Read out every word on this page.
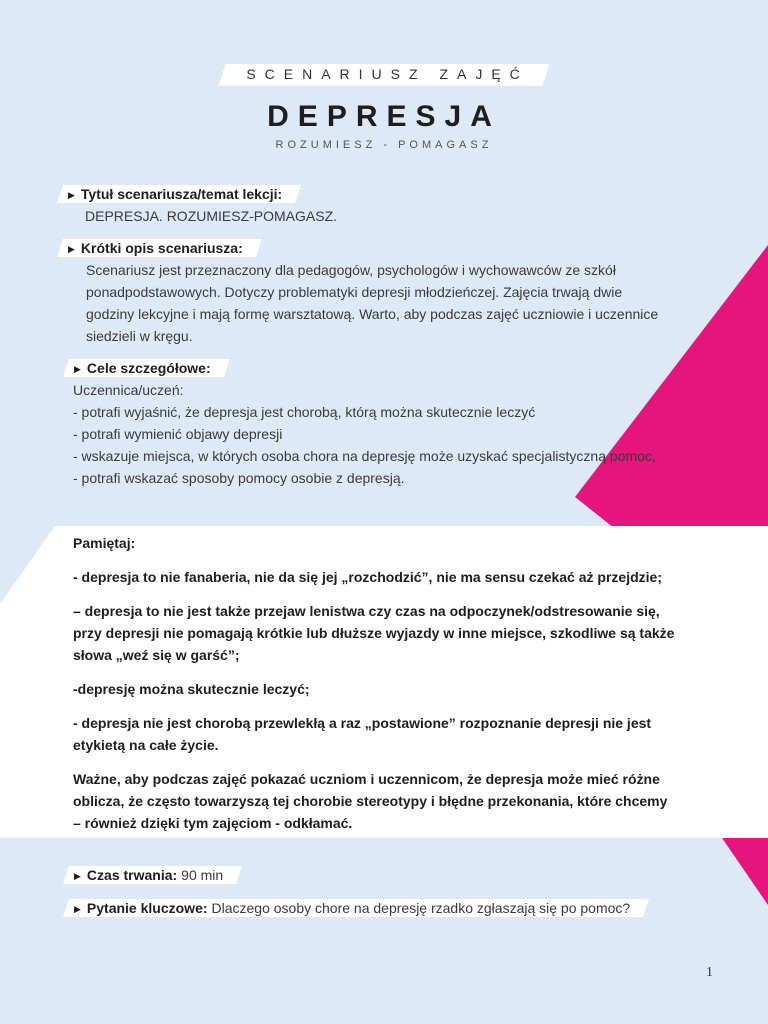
SCENARIUSZ ZAJĘĆ
DEPRESJA
ROZUMIESZ - POMAGASZ
▶ Tytuł scenariusza/temat lekcji:
DEPRESJA. ROZUMIESZ-POMAGASZ.
▶ Krótki opis scenariusza:
Scenariusz jest przeznaczony dla pedagogów, psychologów i wychowawców ze szkół
ponadpodstawowych. Dotyczy problematyki depresji młodzieńczej. Zajęcia trwają dwie
godziny lekcyjne i mają formę warsztatową. Warto, aby podczas zajęć uczniowie i uczennice
siedzieli w kręgu.
▶ Cele szczegółowe:
Uczennica/uczeń:
- potrafi wyjaśnić, że depresja jest chorobą, którą można skutecznie leczyć
- potrafi wymienić objawy depresji
- wskazuje miejsca, w których osoba chora na depresję może uzyskać specjalistyczną pomoc,
- potrafi wskazać sposoby pomocy osobie z depresją.

Pamiętaj:

- depresja to nie fanaberia, nie da się jej „rozchodzić”, nie ma sensu czekać aż przejdzie;

– depresja to nie jest także przejaw lenistwa czy czas na odpoczynek/odstresowanie się,
przy depresji nie pomagają krótkie lub dłuższe wyjazdy w inne miejsce, szkodliwe są także
słowa „weź się w garść”;

-depresję można skutecznie leczyć;

- depresja nie jest chorobą przewlekłą a raz „postawione” rozpoznanie depresji nie jest
etykietą na całe życie.

Ważne, aby podczas zajęć pokazać uczniom i uczennicom, że depresja może mieć różne
oblicza, że często towarzyszą tej chorobie stereotypy i błędne przekonania, które chcemy
– również dzięki tym zajęciom - odkłamać.

▶ Czas trwania: 90 min
▶ Pytanie kluczowe: Dlaczego osoby chore na depresję rzadko zgłaszają się po pomoc?
1
